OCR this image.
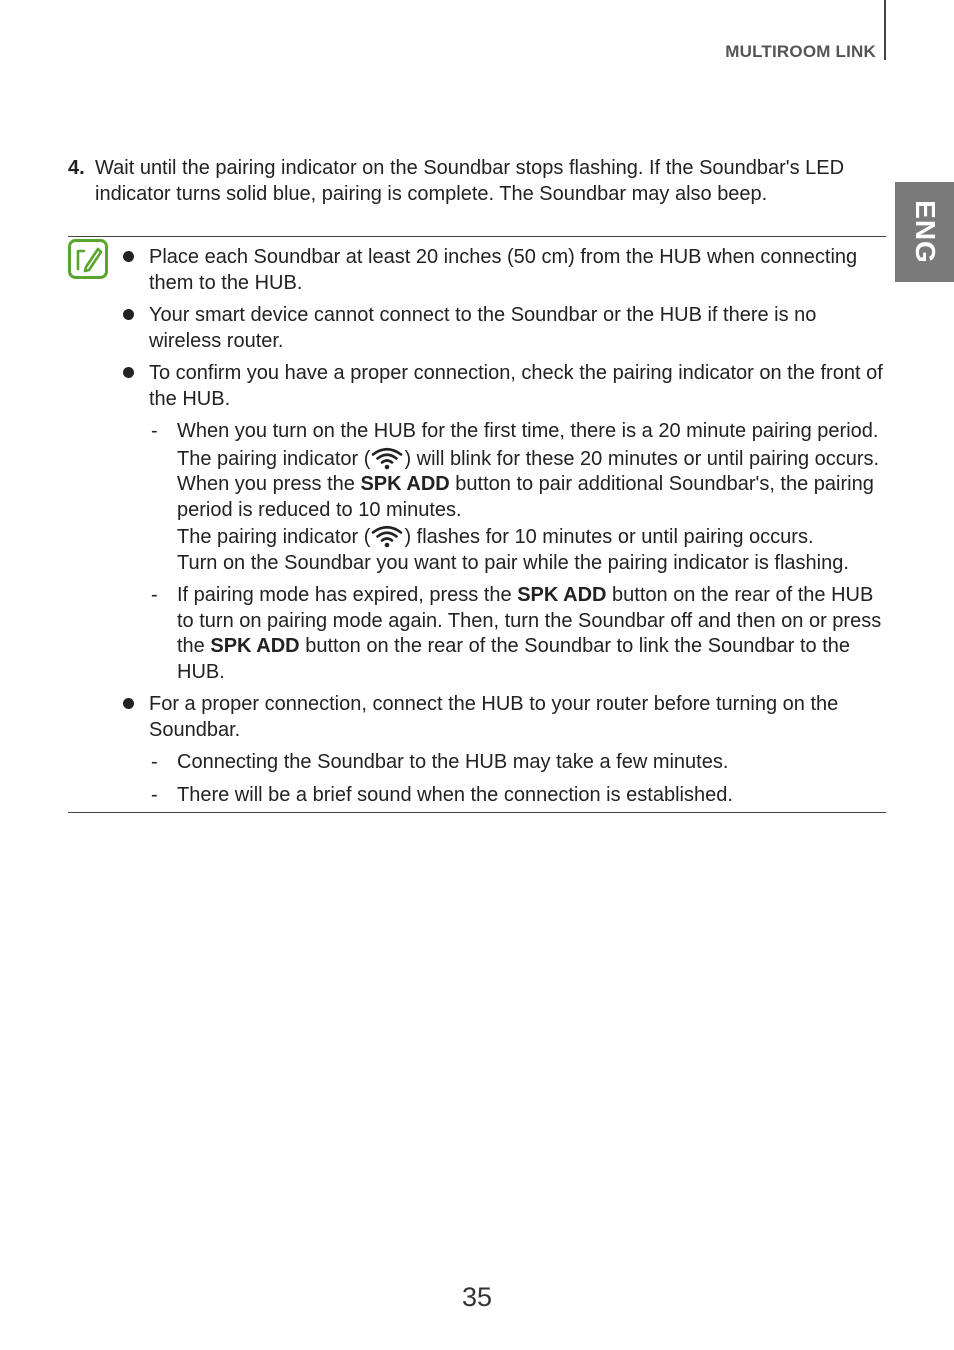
MULTIROOM LINK
ENG
4. Wait until the pairing indicator on the Soundbar stops flashing. If the Soundbar's LED indicator turns solid blue, pairing is complete. The Soundbar may also beep.
Place each Soundbar at least 20 inches (50 cm) from the HUB when connecting them to the HUB.
Your smart device cannot connect to the Soundbar or the HUB if there is no wireless router.
To confirm you have a proper connection, check the pairing indicator on the front of the HUB.
- When you turn on the HUB for the first time, there is a 20 minute pairing period. The pairing indicator ( ) will blink for these 20 minutes or until pairing occurs. When you press the SPK ADD button to pair additional Soundbar's, the pairing period is reduced to 10 minutes.
The pairing indicator ( ) flashes for 10 minutes or until pairing occurs.
Turn on the Soundbar you want to pair while the pairing indicator is flashing.
- If pairing mode has expired, press the SPK ADD button on the rear of the HUB to turn on pairing mode again. Then, turn the Soundbar off and then on or press the SPK ADD button on the rear of the Soundbar to link the Soundbar to the HUB.
For a proper connection, connect the HUB to your router before turning on the Soundbar.
- Connecting the Soundbar to the HUB may take a few minutes.
- There will be a brief sound when the connection is established.
35
